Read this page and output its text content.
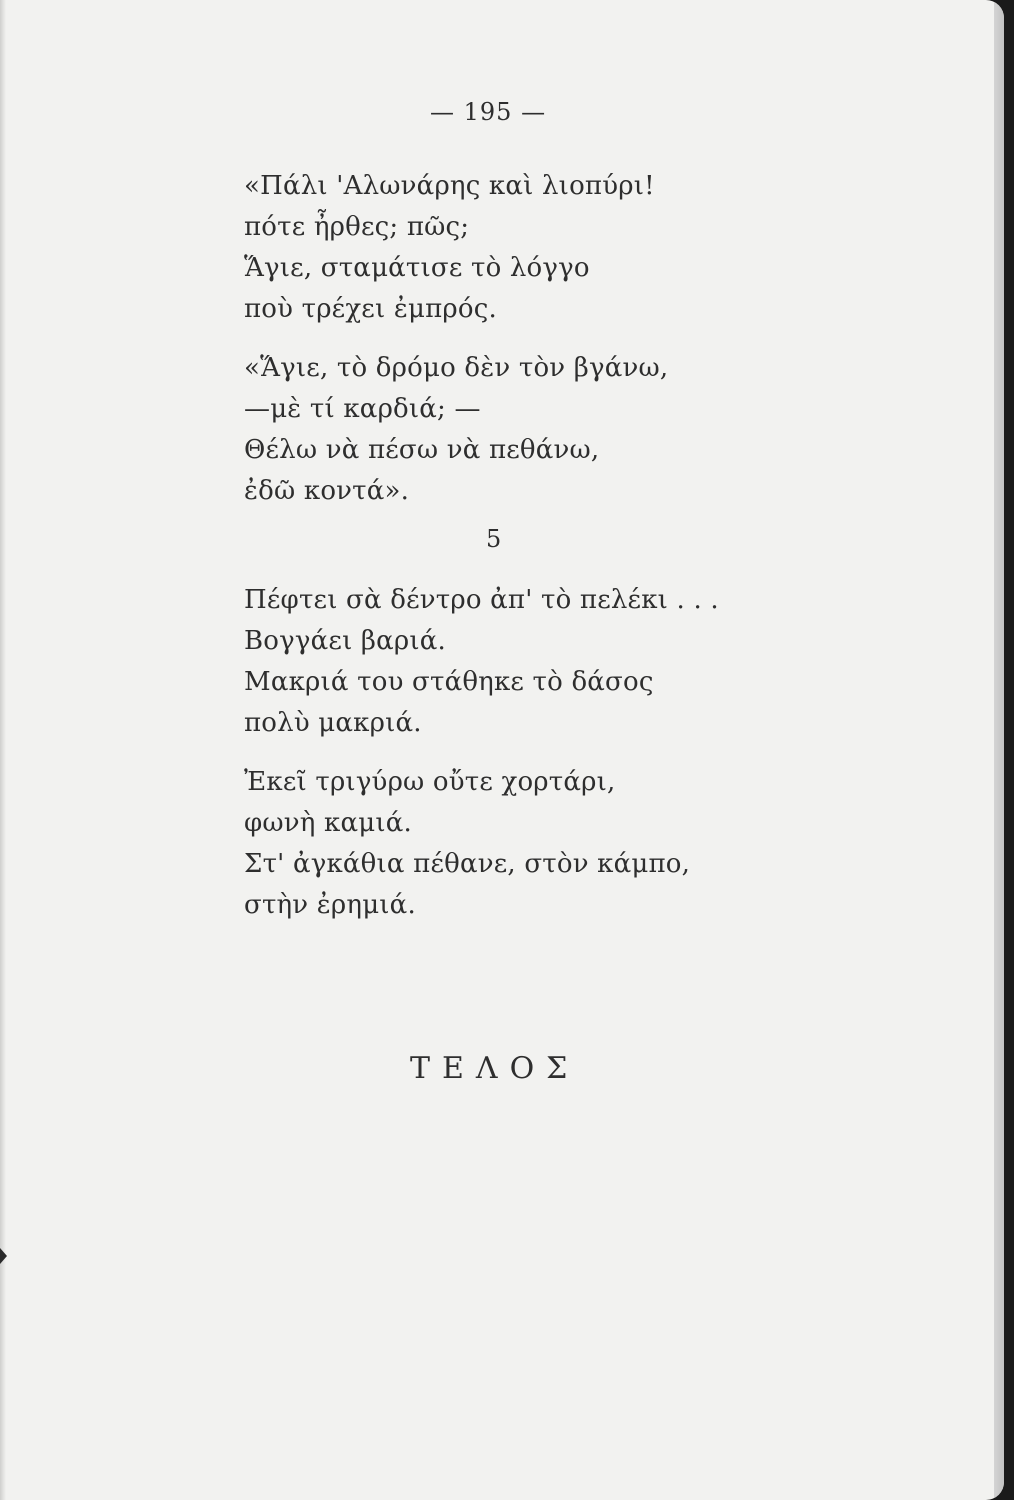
— 195 —
«Πάλι 'Αλωνάρης καὶ λιοπύρι!
πότε ἦρθες; πῶς;
Ἅγιε, σταμάτισε τὸ λόγγο
ποὺ τρέχει ἐμπρός.
«Ἅγιε, τὸ δρόμο δὲν τὸν βγάνω,
—μὲ τί καρδιά; —
Θέλω νὰ πέσω νὰ πεθάνω,
ἐδῶ κοντά».
5
Πέφτει σὰ δέντρο ἀπ' τὸ πελέκι . . .
Βογγάει βαριά.
Μακριά του στάθηκε τὸ δάσος
πολὺ μακριά.
Ἐκεῖ τριγύρω οὔτε χορτάρι,
φωνὴ καμιά.
Στ' ἀγκάθια πέθανε, στὸν κάμπο,
στὴν ἐρημιά.
ΤΕΛΟΣ
